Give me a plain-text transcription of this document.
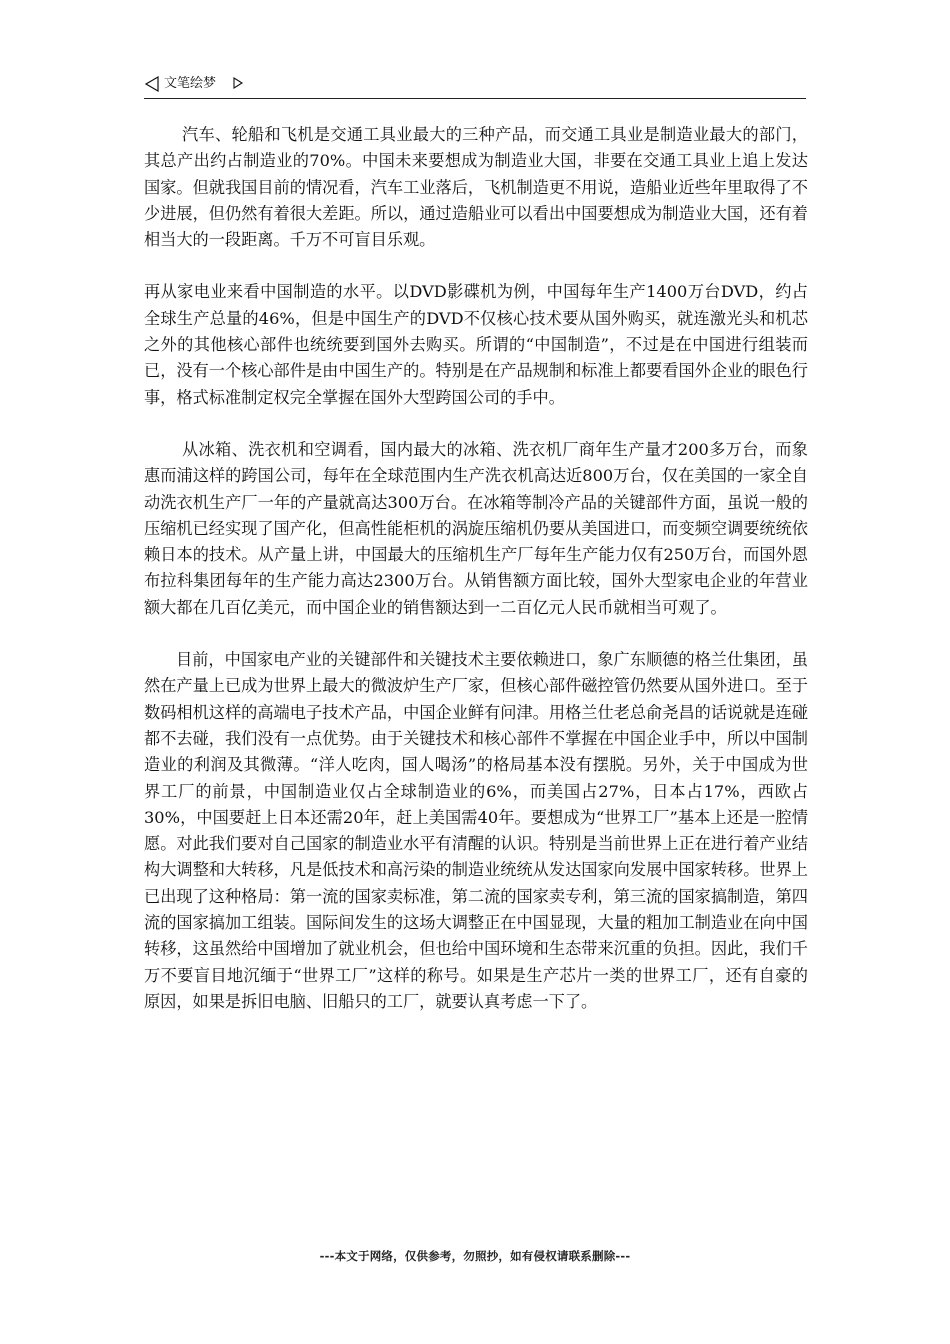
文笔绘梦

汽车、轮船和飞机是交通工具业最大的三种产品，而交通工具业是制造业最大的部门，其总产出约占制造业的70%。中国未来要想成为制造业大国，非要在交通工具业上追上发达国家。但就我国目前的情况看，汽车工业落后，飞机制造更不用说，造船业近些年里取得了不少进展，但仍然有着很大差距。所以，通过造船业可以看出中国要想成为制造业大国，还有着相当大的一段距离。千万不可盲目乐观。

再从家电业来看中国制造的水平。以DVD影碟机为例，中国每年生产1400万台DVD，约占全球生产总量的46%，但是中国生产的DVD不仅核心技术要从国外购买，就连激光头和机芯之外的其他核心部件也统统要到国外去购买。所谓的“中国制造”，不过是在中国进行组装而已，没有一个核心部件是由中国生产的。特别是在产品规制和标准上都要看国外企业的眼色行事，格式标准制定权完全掌握在国外大型跨国公司的手中。

从冰箱、洗衣机和空调看，国内最大的冰箱、洗衣机厂商年生产量才200多万台，而象惠而浦这样的跨国公司，每年在全球范围内生产洗衣机高达近800万台，仅在美国的一家全自动洗衣机生产厂一年的产量就高达300万台。在冰箱等制冷产品的关键部件方面，虽说一般的压缩机已经实现了国产化，但高性能柜机的涡旋压缩机仍要从美国进口，而变频空调要统统依赖日本的技术。从产量上讲，中国最大的压缩机生产厂每年生产能力仅有250万台，而国外恩布拉科集团每年的生产能力高达2300万台。从销售额方面比较，国外大型家电企业的年营业额大都在几百亿美元，而中国企业的销售额达到一二百亿元人民币就相当可观了。

目前，中国家电产业的关键部件和关键技术主要依赖进口，象广东顺德的格兰仕集团，虽然在产量上已成为世界上最大的微波炉生产厂家，但核心部件磁控管仍然要从国外进口。至于数码相机这样的高端电子技术产品，中国企业鲜有问津。用格兰仕老总俞尧昌的话说就是连碰都不去碰，我们没有一点优势。由于关键技术和核心部件不掌握在中国企业手中，所以中国制造业的利润及其微薄。“洋人吃肉，国人喝汤”的格局基本没有摆脱。另外，关于中国成为世界工厂的前景，中国制造业仅占全球制造业的6%，而美国占27%，日本占17%，西欧占30%，中国要赶上日本还需20年，赶上美国需40年。要想成为“世界工厂”基本上还是一腔情愿。对此我们要对自己国家的制造业水平有清醒的认识。特别是当前世界上正在进行着产业结构大调整和大转移，凡是低技术和高污染的制造业统统从发达国家向发展中国家转移。世界上已出现了这种格局：第一流的国家卖标准，第二流的国家卖专利，第三流的国家搞制造，第四流的国家搞加工组装。国际间发生的这场大调整正在中国显现，大量的粗加工制造业在向中国转移，这虽然给中国增加了就业机会，但也给中国环境和生态带来沉重的负担。因此，我们千万不要盲目地沉缅于“世界工厂”这样的称号。如果是生产芯片一类的世界工厂，还有自豪的原因，如果是拆旧电脑、旧船只的工厂，就要认真考虑一下了。

---本文于网络，仅供参考，勿照抄，如有侵权请联系删除---
